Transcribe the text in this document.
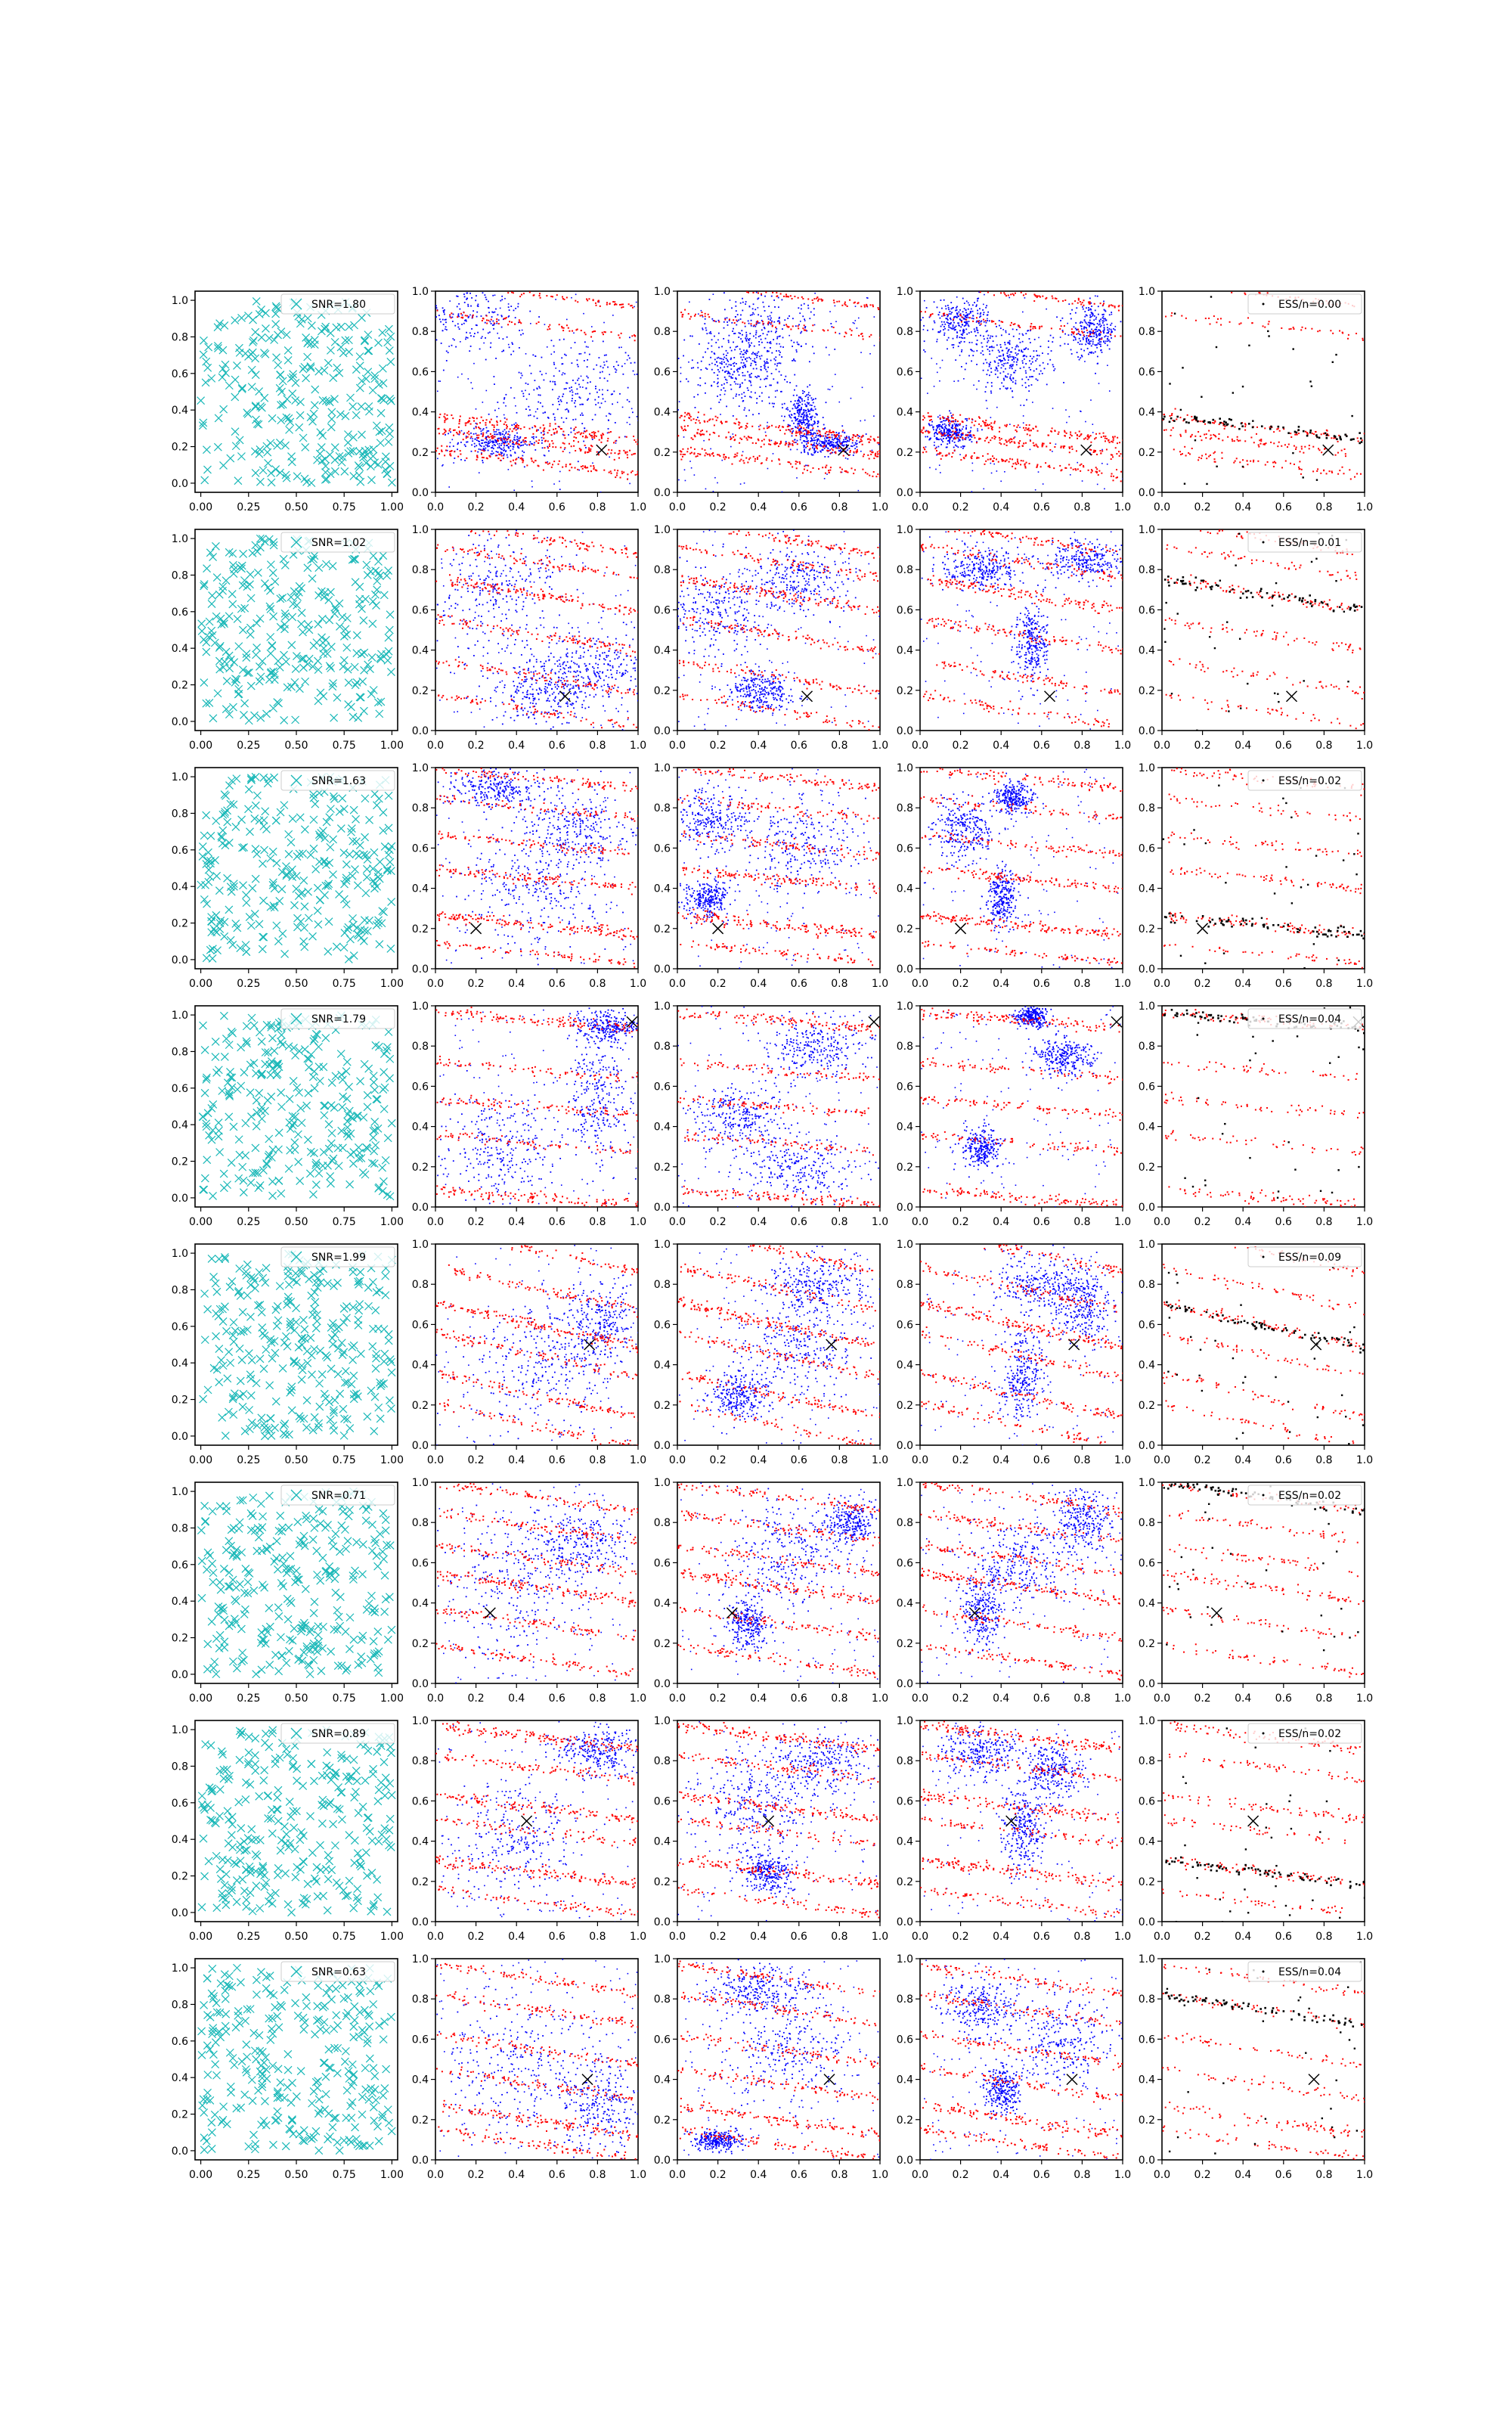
0.00 0.25 0.50 0.75 1.00
0.0
0.2
0.4
0.6
0.8
1.0	SNR=1.80
0.0 0.2 0.4 0.6 0.8 1.0
0.0
0.2
0.4
0.6
0.8
1.0
0.0 0.2 0.4 0.6 0.8 1.0
0.0
0.2
0.4
0.6
0.8
1.0
0.0 0.2 0.4 0.6 0.8 1.0
0.0
0.2
0.4
0.6
0.8
1.0
0.0 0.2 0.4 0.6 0.8 1.0
0.0
0.2
0.4
0.6
0.8
1.0
ESS/n=0.00
0.00 0.25 0.50 0.75 1.00
0.0
0.2
0.4
0.6
0.8
1.0	SNR=1.02
0.0 0.2 0.4 0.6 0.8 1.0
0.0
0.2
0.4
0.6
0.8
1.0
0.0 0.2 0.4 0.6 0.8 1.0
0.0
0.2
0.4
0.6
0.8
1.0
0.0 0.2 0.4 0.6 0.8 1.0
0.0
0.2
0.4
0.6
0.8
1.0
0.0 0.2 0.4 0.6 0.8 1.0
0.0
0.2
0.4
0.6
0.8
1.0
ESS/n=0.01
0.00 0.25 0.50 0.75 1.00
0.0
0.2
0.4
0.6
0.8
1.0	SNR=1.63
0.0 0.2 0.4 0.6 0.8 1.0
0.0
0.2
0.4
0.6
0.8
1.0
0.0 0.2 0.4 0.6 0.8 1.0
0.0
0.2
0.4
0.6
0.8
1.0
0.0 0.2 0.4 0.6 0.8 1.0
0.0
0.2
0.4
0.6
0.8
1.0
0.0 0.2 0.4 0.6 0.8 1.0
0.0
0.2
0.4
0.6
0.8
1.0
ESS/n=0.02
0.00 0.25 0.50 0.75 1.00
0.0
0.2
0.4
0.6
0.8
1.0	SNR=1.79
0.0 0.2 0.4 0.6 0.8 1.0
0.0
0.2
0.4
0.6
0.8
1.0
0.0 0.2 0.4 0.6 0.8 1.0
0.0
0.2
0.4
0.6
0.8
1.0
0.0 0.2 0.4 0.6 0.8 1.0
0.0
0.2
0.4
0.6
0.8
1.0
0.0 0.2 0.4 0.6 0.8 1.0
0.0
0.2
0.4
0.6
0.8
1.0
ESS/n=0.04
0.00 0.25 0.50 0.75 1.00
0.0
0.2
0.4
0.6
0.8
1.0	SNR=1.99
0.0 0.2 0.4 0.6 0.8 1.0
0.0
0.2
0.4
0.6
0.8
1.0
0.0 0.2 0.4 0.6 0.8 1.0
0.0
0.2
0.4
0.6
0.8
1.0
0.0 0.2 0.4 0.6 0.8 1.0
0.0
0.2
0.4
0.6
0.8
1.0
0.0 0.2 0.4 0.6 0.8 1.0
0.0
0.2
0.4
0.6
0.8
1.0
ESS/n=0.09
0.00 0.25 0.50 0.75 1.00
0.0
0.2
0.4
0.6
0.8
1.0	SNR=0.71
0.0 0.2 0.4 0.6 0.8 1.0
0.0
0.2
0.4
0.6
0.8
1.0
0.0 0.2 0.4 0.6 0.8 1.0
0.0
0.2
0.4
0.6
0.8
1.0
0.0 0.2 0.4 0.6 0.8 1.0
0.0
0.2
0.4
0.6
0.8
1.0
0.0 0.2 0.4 0.6 0.8 1.0
0.0
0.2
0.4
0.6
0.8
1.0
ESS/n=0.02
0.00 0.25 0.50 0.75 1.00
0.0
0.2
0.4
0.6
0.8
1.0	SNR=0.89
0.0 0.2 0.4 0.6 0.8 1.0
0.0
0.2
0.4
0.6
0.8
1.0
0.0 0.2 0.4 0.6 0.8 1.0
0.0
0.2
0.4
0.6
0.8
1.0
0.0 0.2 0.4 0.6 0.8 1.0
0.0
0.2
0.4
0.6
0.8
1.0
0.0 0.2 0.4 0.6 0.8 1.0
0.0
0.2
0.4
0.6
0.8
1.0
ESS/n=0.02
0.00 0.25 0.50 0.75 1.00
0.0
0.2
0.4
0.6
0.8
1.0	SNR=0.63
0.0 0.2 0.4 0.6 0.8 1.0
0.0
0.2
0.4
0.6
0.8
1.0
0.0 0.2 0.4 0.6 0.8 1.0
0.0
0.2
0.4
0.6
0.8
1.0
0.0 0.2 0.4 0.6 0.8 1.0
0.0
0.2
0.4
0.6
0.8
1.0
0.0 0.2 0.4 0.6 0.8 1.0
0.0
0.2
0.4
0.6
0.8
1.0
ESS/n=0.04
